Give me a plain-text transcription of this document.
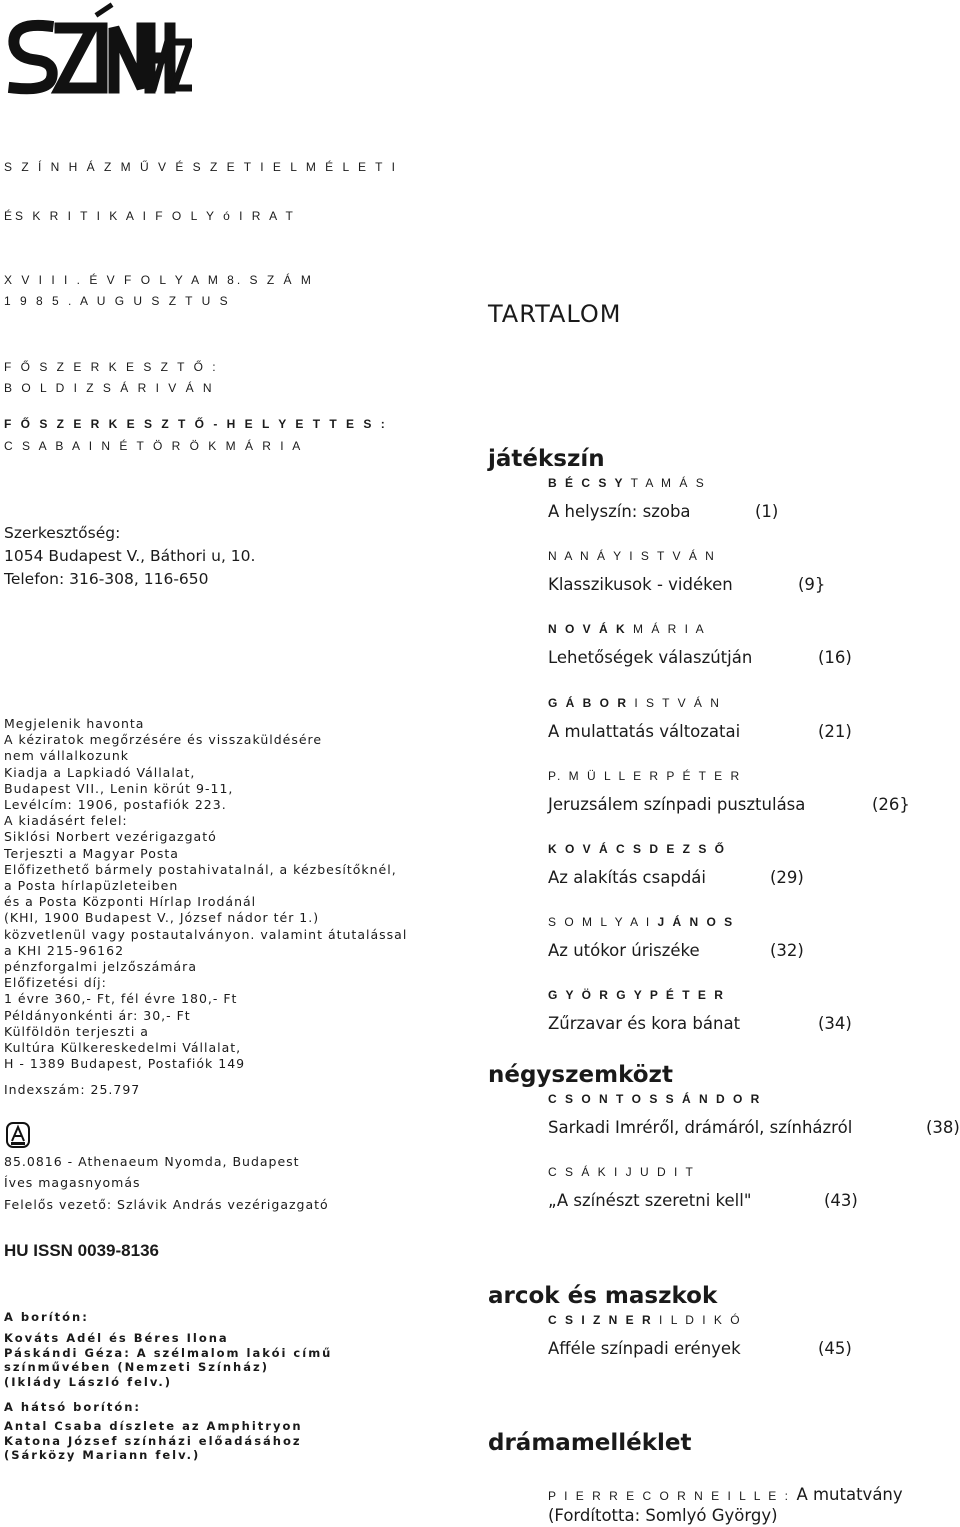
S Z Í N H Á Z M Ű V É S Z E T I E L M É L E T I
ÉS K R I T I K A I F O L Y ó I R A T
X V I I I . É V F O L Y A M 8. S Z Á M
1 9 8 5 . A U G U S Z T U S
F Ő S Z E R K E S Z T Ő :
B O L D I Z S Á R I V Á N
F Ő S Z E R K E S Z T Ő - H E L Y E T T E S :
C S A B A I N É T Ö R Ö K M Á R I A
Szerkesztőség:
1054 Budapest V., Báthori u, 10.
Telefon: 316-308, 116-650
Megjelenik havonta
A kéziratok megőrzésére és visszaküldésére
nem vállalkozunk
Kiadja a Lapkiadó Vállalat,
Budapest VII., Lenin körút 9-11,
Levélcím: 1906, postafiók 223.
A kiadásért felel:
Siklósi Norbert vezérigazgató
Terjeszti a Magyar Posta
Előfizethető bármely postahivatalnál, a kézbesítőknél,
a Posta hírlapüzleteiben
és a Posta Központi Hírlap Irodánál
(KHI, 1900 Budapest V., József nádor tér 1.)
közvetlenül vagy postautalványon. valamint átutalással
a KHI 215-96162
pénzforgalmi jelzőszámára
Előfizetési díj:
1 évre 360,- Ft, fél évre 180,- Ft
Példányonkénti ár: 30,- Ft
Külföldön terjeszti a
Kultúra Külkereskedelmi Vállalat,
H - 1389 Budapest, Postafiók 149
Indexszám: 25.797
85.0816 - Athenaeum Nyomda, Budapest
Íves magasnyomás
Felelős vezető: Szlávik András vezérigazgató
HU ISSN 0039-8136
A borítón:
Kováts Adél és Béres Ilona
Páskándi Géza: A szélmalom lakói című
színművében (Nemzeti Színház)
(Iklády László felv.)
A hátsó borítón:
Antal Csaba díszlete az Amphitryon
Katona József színházi előadásához
(Sárközy Mariann felv.)
TARTALOM
játékszín
B É C S Y T A M Á S
A helyszín: szoba	(1)
N A N Á Y I S T V Á N
Klasszikusok - vidéken	(9}
N O V Á K M Á R I A
Lehetőségek válaszútján	(16)
G Á B O R I S T V Á N
A mulattatás változatai	(21)
P. M Ü L L E R P É T E R
Jeruzsálem színpadi pusztulása	(26}
K O V Á C S D E Z S Ő
Az alakítás csapdái	(29)
S O M L Y A I J Á N O S
Az utókor úriszéke	(32)
G Y Ö R G Y P É T E R
Zűrzavar és kora bánat	(34)
négyszemközt
C S O N T O S S Á N D O R
Sarkadi Imréről, drámáról, színházról	(38)
C S Á K I J U D I T
„A színészt szeretni kell"	(43)
arcok és maszkok
C S I Z N E R I L D I K Ó
Afféle színpadi erények	(45)
drámamelléklet
P I E R R E C O R N E I L L E : A mutatvány
(Fordította: Somlyó György)
